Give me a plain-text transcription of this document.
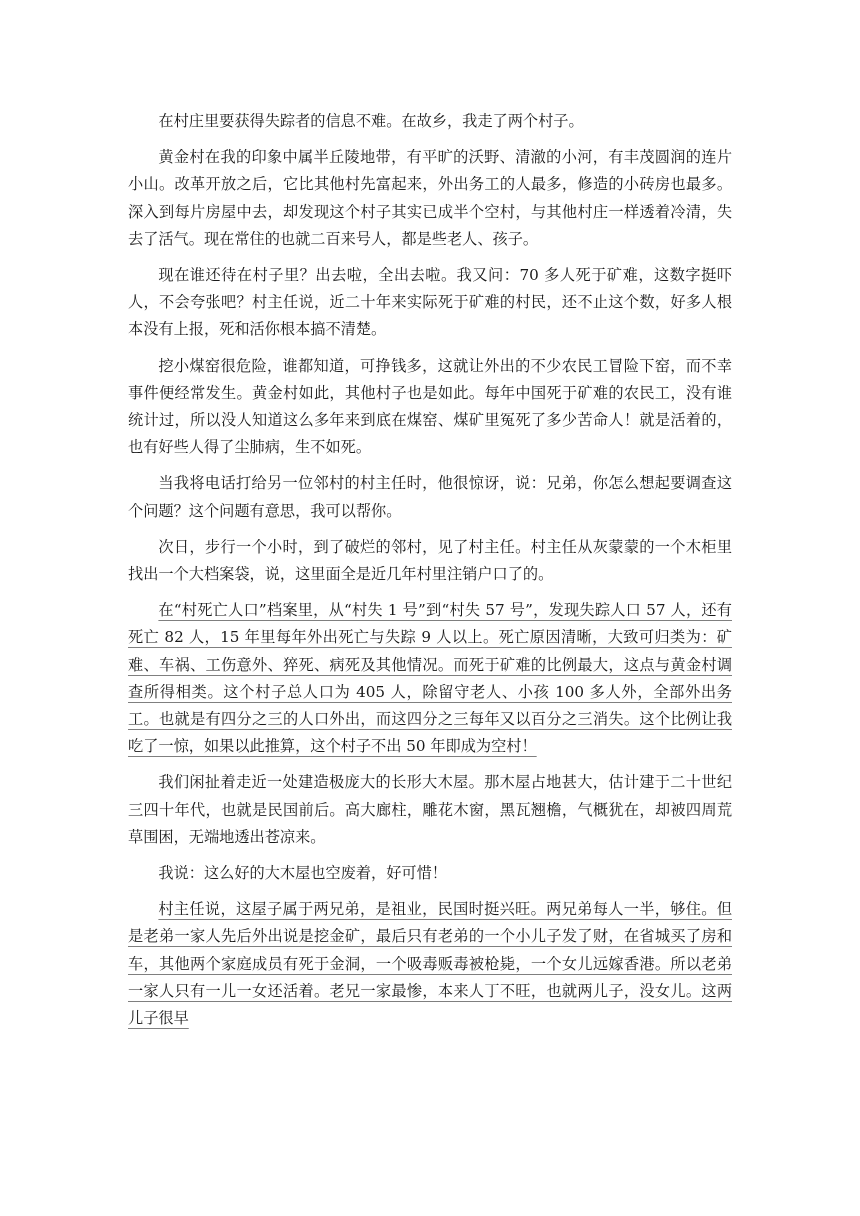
在村庄里要获得失踪者的信息不难。在故乡，我走了两个村子。

黄金村在我的印象中属半丘陵地带，有平旷的沃野、清澈的小河，有丰茂圆润的连片小山。改革开放之后，它比其他村先富起来，外出务工的人最多，修造的小砖房也最多。深入到每片房屋中去，却发现这个村子其实已成半个空村，与其他村庄一样透着冷清，失去了活气。现在常住的也就二百来号人，都是些老人、孩子。

现在谁还待在村子里？出去啦，全出去啦。我又问：70 多人死于矿难，这数字挺吓人，不会夸张吧？村主任说，近二十年来实际死于矿难的村民，还不止这个数，好多人根本没有上报，死和活你根本搞不清楚。

挖小煤窑很危险，谁都知道，可挣钱多，这就让外出的不少农民工冒险下窑，而不幸事件便经常发生。黄金村如此，其他村子也是如此。每年中国死于矿难的农民工，没有谁统计过，所以没人知道这么多年来到底在煤窑、煤矿里冤死了多少苦命人！就是活着的，也有好些人得了尘肺病，生不如死。

当我将电话打给另一位邻村的村主任时，他很惊讶，说：兄弟，你怎么想起要调查这个问题？这个问题有意思，我可以帮你。

次日，步行一个小时，到了破烂的邻村，见了村主任。村主任从灰蒙蒙的一个木柜里找出一个大档案袋，说，这里面全是近几年村里注销户口了的。

在“村死亡人口”档案里，从“村失 1 号”到“村失 57 号”，发现失踪人口 57 人，还有死亡 82 人，15 年里每年外出死亡与失踪 9 人以上。死亡原因清晰，大致可归类为：矿难、车祸、工伤意外、猝死、病死及其他情况。而死于矿难的比例最大，这点与黄金村调查所得相类。这个村子总人口为 405 人，除留守老人、小孩 100 多人外，全部外出务工。也就是有四分之三的人口外出，而这四分之三每年又以百分之三消失。这个比例让我吃了一惊，如果以此推算，这个村子不出 50 年即成为空村！

我们闲扯着走近一处建造极庞大的长形大木屋。那木屋占地甚大，估计建于二十世纪三四十年代，也就是民国前后。高大廊柱，雕花木窗，黑瓦翘檐，气概犹在，却被四周荒草围困，无端地透出苍凉来。

我说：这么好的大木屋也空废着，好可惜！

村主任说，这屋子属于两兄弟，是祖业，民国时挺兴旺。两兄弟每人一半，够住。但是老弟一家人先后外出说是挖金矿，最后只有老弟的一个小儿子发了财，在省城买了房和车，其他两个家庭成员有死于金洞，一个吸毒贩毒被枪毙，一个女儿远嫁香港。所以老弟一家人只有一儿一女还活着。老兄一家最惨，本来人丁不旺，也就两儿子，没女儿。这两儿子很早
